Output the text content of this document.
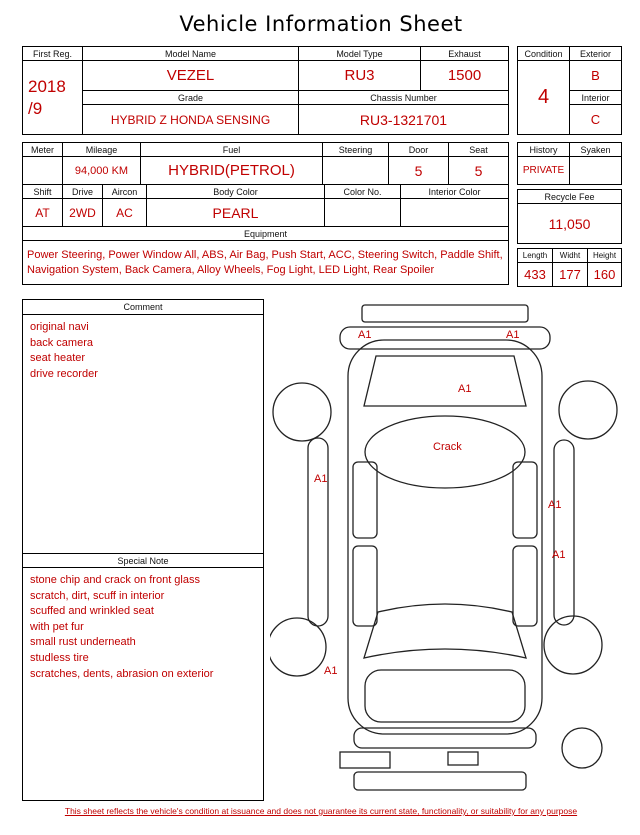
Vehicle Information Sheet
First Reg.	Model Name	Model Type	Exhaust

2018
/9	VEZEL	RU3	1500
	Grade	Chassis Number	
	HYBRID Z HONDA SENSING	RU3-1321701	
Condition	Exterior
4	B
	Interior
	C
Meter	Mileage	Fuel	Steering	Door	Seat
	94,000 KM	HYBRID(PETROL)		5	5
Shift	Drive	Aircon	Body Color	Color No.	Interior Color
AT	2WD	AC	PEARL		
Equipment
Power Steering, Power Window All, ABS, Air Bag, Push Start, ACC, Steering Switch, Paddle Shift, Navigation System, Back Camera, Alloy Wheels, Fog Light, LED Light, Rear Spoiler
History	Syaken
PRIVATE	
Recycle Fee
11,050
Length	Widht	Height
433	177	160
Comment
original navi
back camera
seat heater
drive recorder
Special Note
stone chip and crack on front glass
scratch, dirt, scuff in interior
scuffed and wrinkled seat
with pet fur
small rust underneath
studless tire
scratches, dents, abrasion on exterior
A1	A1
A1
Crack
A1
A1
A1
A1
This sheet reflects the vehicle's condition at issuance and does not guarantee its current state, functionality, or suitability for any purpose
